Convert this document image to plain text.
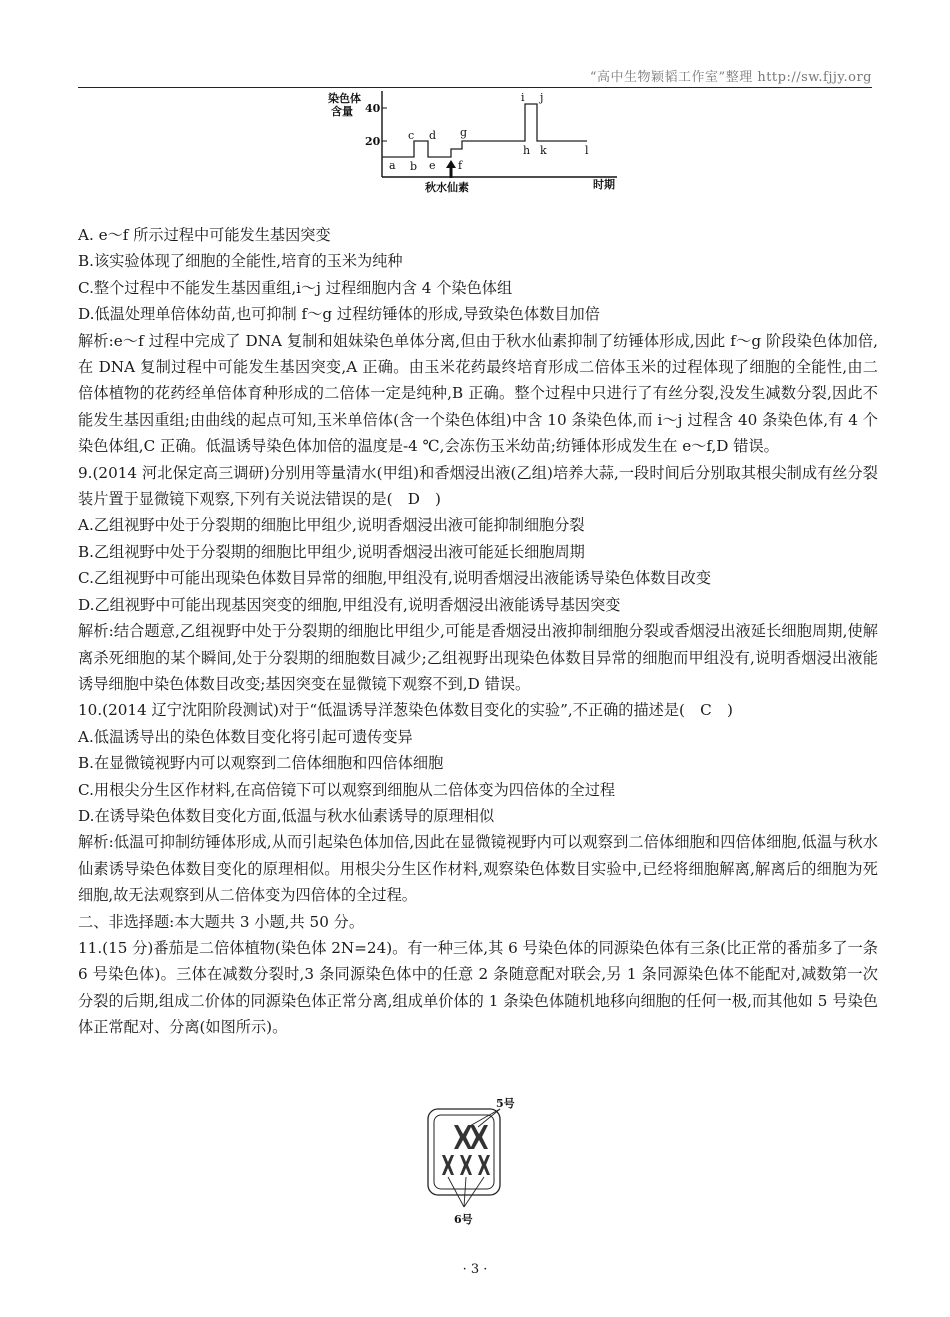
“高中生物颖韬工作室”整理 http://sw.fjjy.org
染色体
含量 40
20
a b
c d
e f
g
h
i j
k	l
秋水仙素	时期

A. e～f 所示过程中可能发生基因突变

B.该实验体现了细胞的全能性,培育的玉米为纯种

C.整个过程中不能发生基因重组,i～j 过程细胞内含 4 个染色体组

D.低温处理单倍体幼苗,也可抑制 f～g 过程纺锤体的形成,导致染色体数目加倍

解析:e～f 过程中完成了 DNA 复制和姐妹染色单体分离,但由于秋水仙素抑制了纺锤体形成,因此 f～g 阶段染色体加倍,在 DNA 复制过程中可能发生基因突变,A 正确。由玉米花药最终培育形成二倍体玉米的过程体现了细胞的全能性,由二倍体植物的花药经单倍体育种形成的二倍体一定是纯种,B 正确。整个过程中只进行了有丝分裂,没发生减数分裂,因此不能发生基因重组;由曲线的起点可知,玉米单倍体(含一个染色体组)中含 10 条染色体,而 i～j 过程含 40 条染色体,有 4 个染色体组,C 正确。低温诱导染色体加倍的温度是-4 ℃,会冻伤玉米幼苗;纺锤体形成发生在 e～f,D 错误。

9.(2014 河北保定高三调研)分别用等量清水(甲组)和香烟浸出液(乙组)培养大蒜,一段时间后分别取其根尖制成有丝分裂装片置于显微镜下观察,下列有关说法错误的是(　D　)

A.乙组视野中处于分裂期的细胞比甲组少,说明香烟浸出液可能抑制细胞分裂

B.乙组视野中处于分裂期的细胞比甲组少,说明香烟浸出液可能延长细胞周期

C.乙组视野中可能出现染色体数目异常的细胞,甲组没有,说明香烟浸出液能诱导染色体数目改变

D.乙组视野中可能出现基因突变的细胞,甲组没有,说明香烟浸出液能诱导基因突变

解析:结合题意,乙组视野中处于分裂期的细胞比甲组少,可能是香烟浸出液抑制细胞分裂或香烟浸出液延长细胞周期,使解离杀死细胞的某个瞬间,处于分裂期的细胞数目减少;乙组视野出现染色体数目异常的细胞而甲组没有,说明香烟浸出液能诱导细胞中染色体数目改变;基因突变在显微镜下观察不到,D 错误。

10.(2014 辽宁沈阳阶段测试)对于“低温诱导洋葱染色体数目变化的实验”,不正确的描述是(　C　)

A.低温诱导出的染色体数目变化将引起可遗传变异

B.在显微镜视野内可以观察到二倍体细胞和四倍体细胞

C.用根尖分生区作材料,在高倍镜下可以观察到细胞从二倍体变为四倍体的全过程

D.在诱导染色体数目变化方面,低温与秋水仙素诱导的原理相似

解析:低温可抑制纺锤体形成,从而引起染色体加倍,因此在显微镜视野内可以观察到二倍体细胞和四倍体细胞,低温与秋水仙素诱导染色体数目变化的原理相似。用根尖分生区作材料,观察染色体数目实验中,已经将细胞解离,解离后的细胞为死细胞,故无法观察到从二倍体变为四倍体的全过程。

二、非选择题:本大题共 3 小题,共 50 分。

11.(15 分)番茄是二倍体植物(染色体 2N=24)。有一种三体,其 6 号染色体的同源染色体有三条(比正常的番茄多了一条 6 号染色体)。三体在减数分裂时,3 条同源染色体中的任意 2 条随意配对联会,另 1 条同源染色体不能配对,减数第一次分裂的后期,组成二价体的同源染色体正常分离,组成单价体的 1 条染色体随机地移向细胞的任何一极,而其他如 5 号染色体正常配对、分离(如图所示)。

5号
6号
· 3 ·
